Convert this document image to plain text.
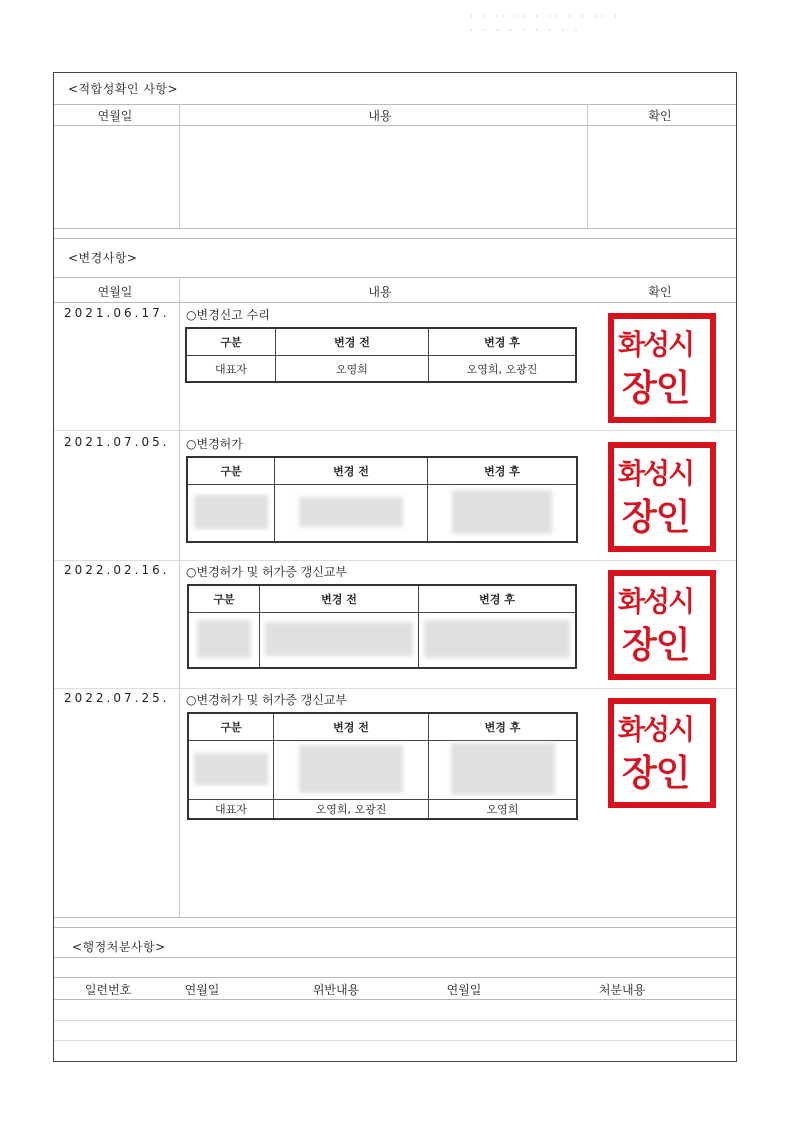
· · ·· ·· · ·· · · ·· ·
· · · · · · · · ·
<적합성확인 사항>
연월일	내용	확인
<변경사항>
연월일	내용	확인
2021.06.17. ○변경신고 수리
구분	변경 전	변경 후
대표자	오영희	오영희, 오광진
2021.07.05. ○변경허가
구분	변경 전	변경 후

2022.02.16. ○변경허가 및 허가증 갱신교부
구분	변경 전	변경 후

2022.07.25. ○변경허가 및 허가증 갱신교부
구분	변경 전	변경 후

대표자	오영희, 오광진	오영희
화성시
장인
화성시
장인
화성시
장인
화성시
장인
<행정처분사항>
일련번호	연월일	위반내용	연월일	처분내용
